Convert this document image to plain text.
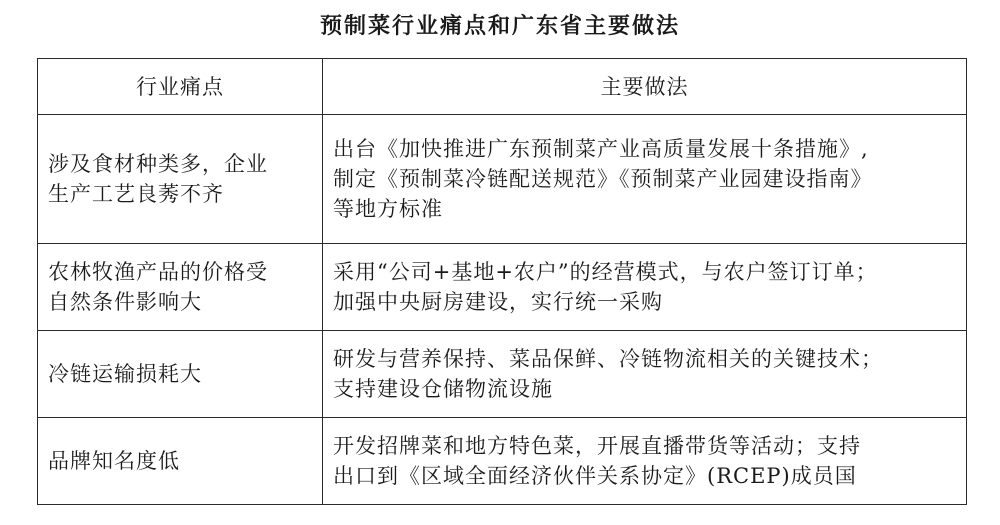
预制菜行业痛点和广东省主要做法
行业痛点	主要做法

涉及食材种类多，企业
生产工艺良莠不齐	出台《加快推进广东预制菜产业高质量发展十条措施》,
制定《预制菜冷链配送规范》《预制菜产业园建设指南》
等地方标准

农林牧渔产品的价格受
自然条件影响大	采用“公司+基地+农户”的经营模式，与农户签订订单；
加强中央厨房建设，实行统一采购

冷链运输损耗大	研发与营养保持、菜品保鲜、冷链物流相关的关键技术；
支持建设仓储物流设施

品牌知名度低	开发招牌菜和地方特色菜，开展直播带货等活动；支持
出口到《区域全面经济伙伴关系协定》(RCEP)成员国
